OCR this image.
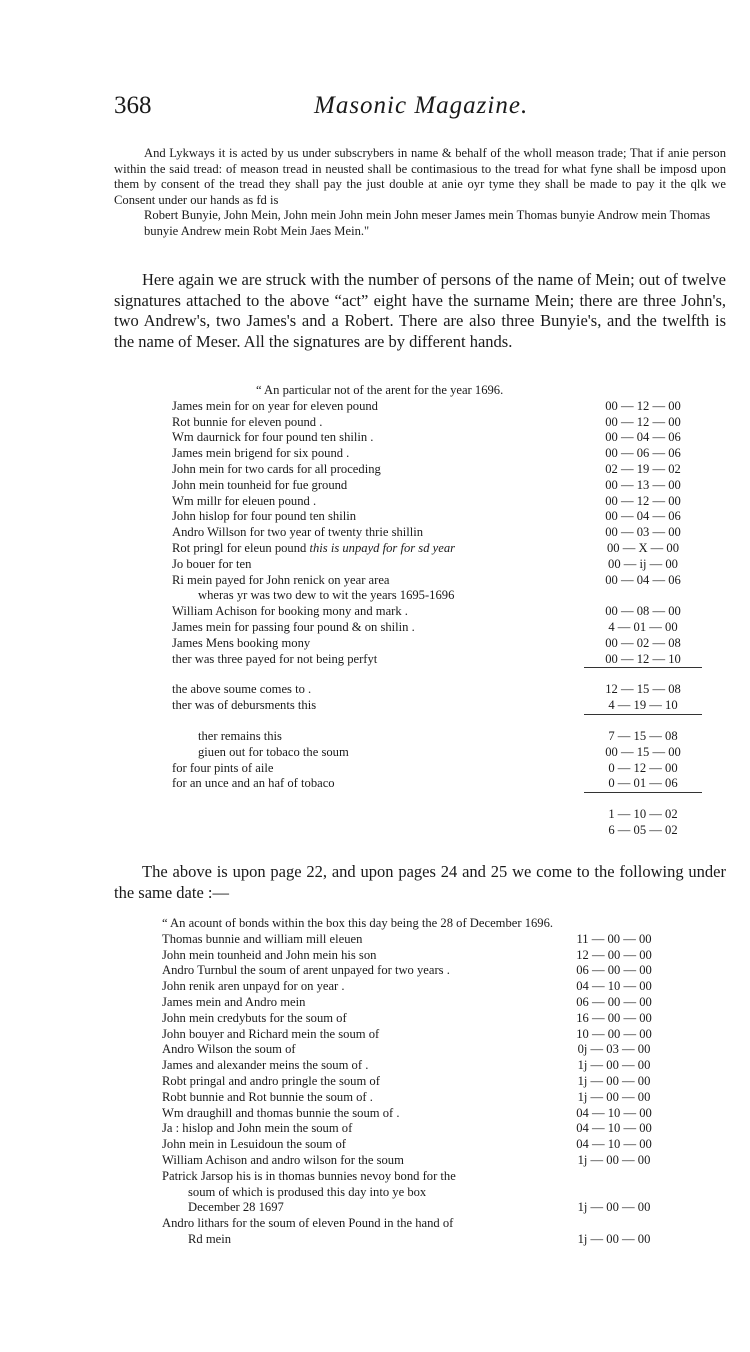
368	Masonic Magazine.

And Lykways it is acted by us under subscrybers in name & behalf of the wholl meason trade; That if anie person within the said tread: of meason tread in neusted shall be contimasious to the tread for what fyne shall be imposd upon them by consent of the tread they shall pay the just double at anie oyr tyme they shall be made to pay it the qlk we Consent under our hands as fd is

Robert Bunyie, John Mein, John mein John mein John meser James mein Thomas bunyie Androw mein Thomas bunyie Andrew mein Robt Mein Jaes Mein."

Here again we are struck with the number of persons of the name of Mein; out of twelve signatures attached to the above “act” eight have the surname Mein; there are three John's, two Andrew's, two James's and a Robert. There are also three Bunyie's, and the twelfth is the name of Meser. All the signatures are by different hands.

“ An particular not of the arent for the year 1696.
James mein for on year for eleven pound	00 — 12 — 00
Rot bunnie for eleven pound .	00 — 12 — 00
Wm daurnick for four pound ten shilin .	00 — 04 — 06
James mein brigend for six pound .	00 — 06 — 06
John mein for two cards for all proceding	02 — 19 — 02
John mein tounheid for fue ground	00 — 13 — 00
Wm millr for eleuen pound .	00 — 12 — 00
John hislop for four pound ten shilin	00 — 04 — 06
Andro Willson for two year of twenty thrie shillin	00 — 03 — 00
Rot pringl for eleun pound this is unpayd for for sd year	00 — X — 00
Jo bouer for ten	00 — ij — 00
Ri mein payed for John renick on year area	00 — 04 — 06
wheras yr was two dew to wit the years 1695-1696
William Achison for booking mony and mark .	00 — 08 — 00
James mein for passing four pound & on shilin .	4 — 01 — 00
James Mens booking mony	00 — 02 — 08
ther was three payed for not being perfyt	00 — 12 — 10
the above soume comes to .	12 — 15 — 08
ther was of debursments this	4 — 19 — 10
ther remains this	7 — 15 — 08
giuen out for tobaco the soum	00 — 15 — 00
for four pints of aile	0 — 12 — 00
for an unce and an haf of tobaco	0 — 01 — 06
1 — 10 — 02
6 — 05 — 02

The above is upon page 22, and upon pages 24 and 25 we come to the following under the same date :—

“ An acount of bonds within the box this day being the 28 of December 1696.
Thomas bunnie and william mill eleuen	11 — 00 — 00
John mein tounheid and John mein his son	12 — 00 — 00
Andro Turnbul the soum of arent unpayed for two years .	06 — 00 — 00
John renik aren unpayd for on year .	04 — 10 — 00
James mein and Andro mein	06 — 00 — 00
John mein credybuts for the soum of	16 — 00 — 00
John bouyer and Richard mein the soum of	10 — 00 — 00
Andro Wilson the soum of	0j — 03 — 00
James and alexander meins the soum of .	1j — 00 — 00
Robt pringal and andro pringle the soum of	1j — 00 — 00
Robt bunnie and Rot bunnie the soum of .	1j — 00 — 00
Wm draughill and thomas bunnie the soum of .	04 — 10 — 00
Ja : hislop and John mein the soum of	04 — 10 — 00
John mein in Lesuidoun the soum of	04 — 10 — 00
William Achison and andro wilson for the soum	1j — 00 — 00
Patrick Jarsop his is in thomas bunnies nevoy bond for the
soum of which is prodused this day into ye box
December 28 1697	1j — 00 — 00
Andro lithars for the soum of eleven Pound in the hand of
Rd mein	1j — 00 — 00
